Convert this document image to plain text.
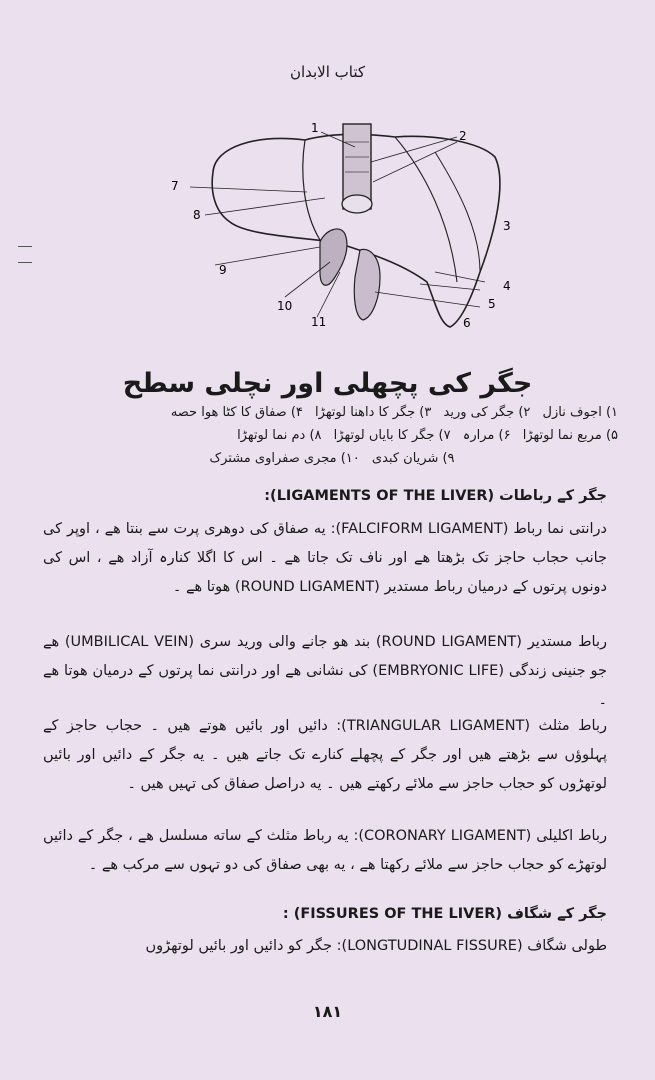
کتاب الابدان
1
2
3
4
5
6
7
8
9
10
11
جگر کی پچھلی اور نچلی سطح
۱) اجوف نازل ۲) جگر کی ورید ۳) جگر کا داهنا لوتهڑا ۴) صفاق کا کٹا هوا حصه
۵) مربع نما لوتهڑا ۶) مرارہ ۷) جگر کا بایاں لوتهڑا ۸) دم نما لوتهڑا
۹) شریان کبدی ۱۰) مجری صفراوی مشترک
جگر کے رباطات (LIGAMENTS OF THE LIVER):
درانتی نما رباط (FALCIFORM LIGAMENT): یه صفاق کی دوهری پرت سے بنتا هے ، اوپر کی جانب حجاب حاجز تک بڑهتا هے اور ناف تک جاتا هے ۔ اس کا اگلا کنارہ آزاد هے ، اس کی دونوں پرتوں کے درمیان رباط مستدیر (ROUND LIGAMENT) هوتا هے ۔
رباط مستدیر (ROUND LIGAMENT) بند هو جانے والی ورید سری (UMBILICAL VEIN) هے جو جنینی زندگی (EMBRYONIC LIFE) کی نشانی هے اور درانتی نما پرتوں کے درمیان هوتا هے ۔
رباط مثلث (TRIANGULAR LIGAMENT): دائیں اور بائیں هوتے هیں ۔ حجاب حاجز کے پہلوؤں سے بڑهتے هیں اور جگر کے پچهلے کنارے تک جاتے هیں ۔ یه جگر کے دائیں اور بائیں لوتهڑوں کو حجاب حاجز سے ملائے رکهتے هیں ۔ یه دراصل صفاق کی تہیں هیں ۔
رباط اکلیلی (CORONARY LIGAMENT): یه رباط مثلث کے ساته مسلسل هے ، جگر کے دائیں لوتهڑے کو حجاب حاجز سے ملائے رکهتا هے ، یه بهی صفاق کی دو تہوں سے مرکب هے ۔
جگر کے شگاف (FISSURES OF THE LIVER) :
طولی شگاف (LONGTUDINAL FISSURE): جگر کو دائیں اور بائیں لوتهڑوں
۱۸۱
